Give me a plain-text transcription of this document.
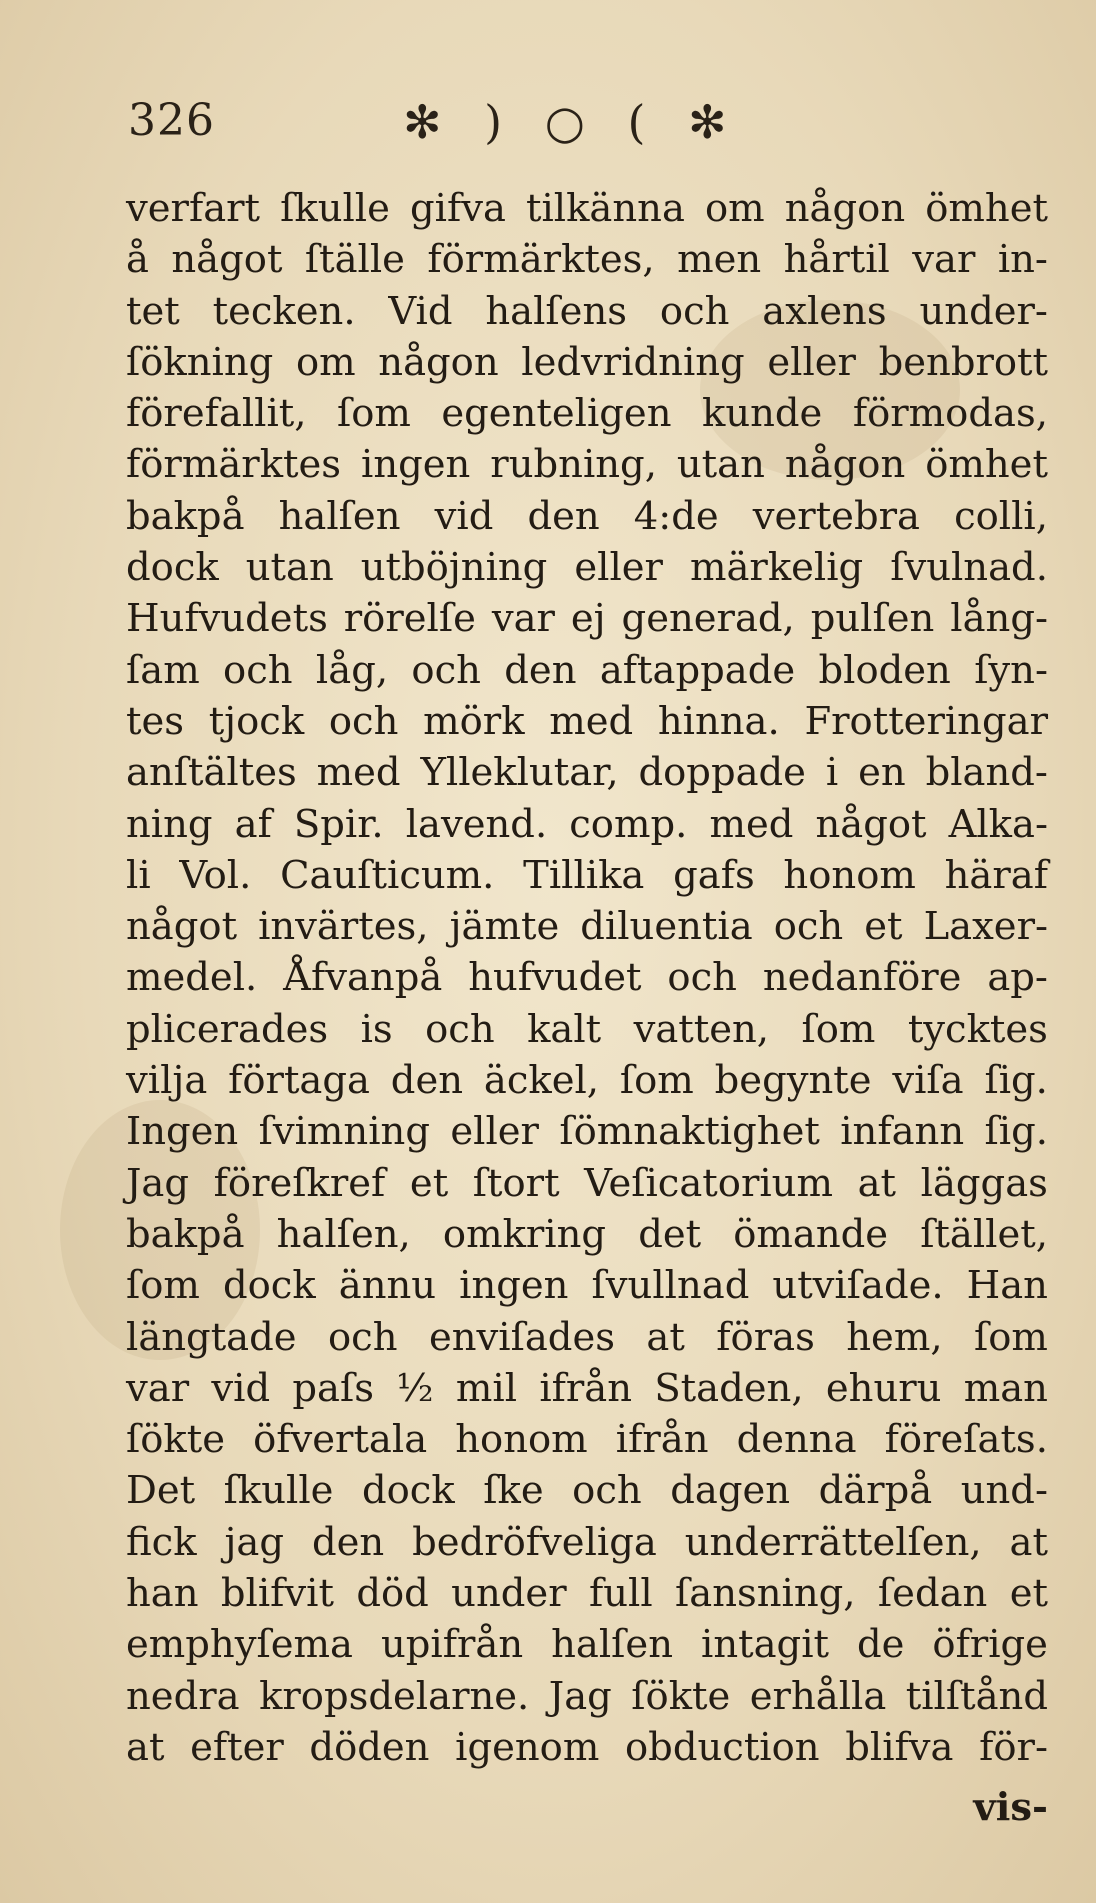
326	✻ ) ○ ( ✻
verfart ſkulle gifva tilkänna om någon ömhet
å något ſtälle förmärktes, men hårtil var in-
tet tecken. Vid halſens och axlens under-
ſökning om någon ledvridning eller benbrott
förefallit, ſom egenteligen kunde förmodas,
förmärktes ingen rubning, utan någon ömhet
bakpå halſen vid den 4:de vertebra colli,
dock utan utböjning eller märkelig ſvulnad.
Hufvudets rörelſe var ej generad, pulſen lång-
ſam och låg, och den aftappade bloden ſyn-
tes tjock och mörk med hinna. Frotteringar
anſtältes med Ylleklutar, doppade i en bland-
ning af Spir. lavend. comp. med något Alka-
li Vol. Cauſticum. Tillika gafs honom häraf
något invärtes, jämte diluentia och et Laxer-
medel. Åfvanpå hufvudet och nedanföre ap-
plicerades is och kalt vatten, ſom tycktes
vilja förtaga den äckel, ſom begynte viſa ſig.
Ingen ſvimning eller ſömnaktighet infann ſig.
Jag föreſkref et ſtort Veſicatorium at läggas
bakpå halſen, omkring det ömande ſtället,
ſom dock ännu ingen ſvullnad utviſade. Han
längtade och enviſades at föras hem, ſom
var vid paſs ½ mil ifrån Staden, ehuru man
ſökte öfvertala honom ifrån denna föreſats.
Det ſkulle dock ſke och dagen därpå und-
fick jag den bedröfveliga underrättelſen, at
han blifvit död under full ſansning, ſedan et
emphyſema upifrån halſen intagit de öfrige
nedra kropsdelarne. Jag ſökte erhålla tilſtånd
at efter döden igenom obduction blifva för-
vis-
